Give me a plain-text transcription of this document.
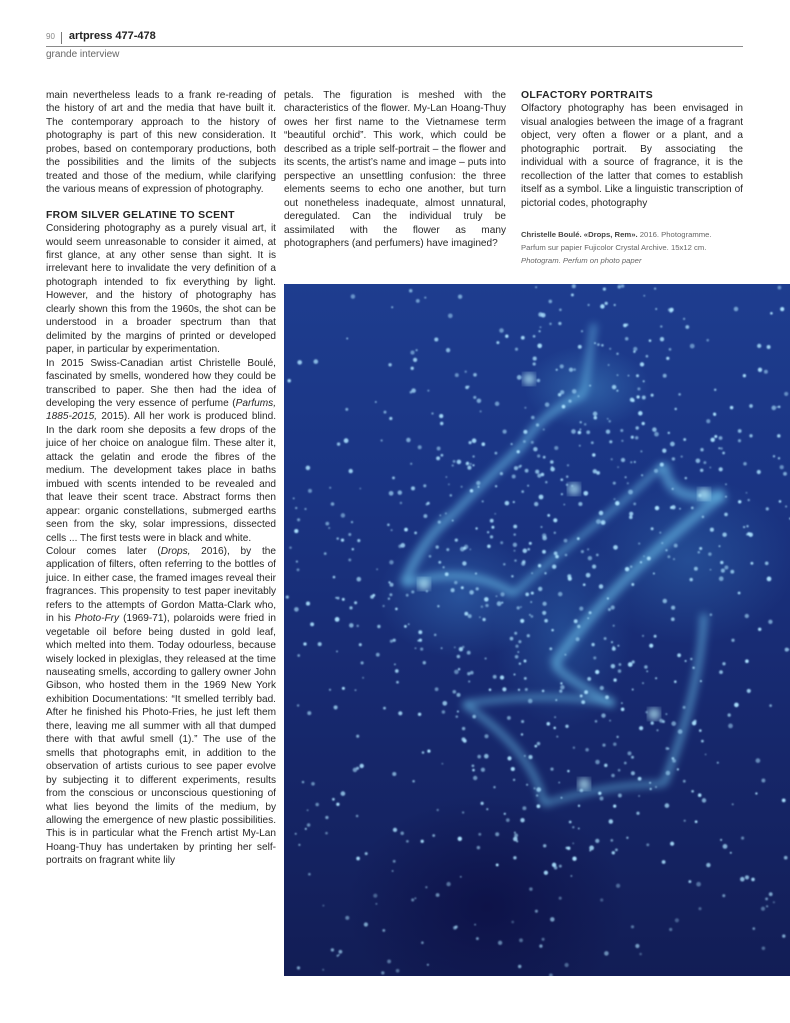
90 artpress 477-478
grande interview

main nevertheless leads to a frank re-reading of the history of art and the media that have built it. The contemporary approach to the history of photography is part of this new consideration. It probes, based on contemporary productions, both the possibilities and the limits of the subjects treated and those of the medium, while clarifying the various means of expression of photography.

FROM SILVER GELATINE TO SCENT

Considering photography as a purely visual art, it would seem unreasonable to consider it aimed, at first glance, at any other sense than sight. It is irrelevant here to invalidate the very definition of a photograph intended to fix everything by light. However, and the history of photography has clearly shown this from the 1960s, the shot can be understood in a broader spectrum than that delimited by the margins of printed or developed paper, in particular by experimentation.

In 2015 Swiss-Canadian artist Christelle Boulé, fascinated by smells, wondered how they could be transcribed to paper. She then had the idea of developing the very essence of perfume (Parfums, 1885-2015, 2015). All her work is produced blind. In the dark room she deposits a few drops of the juice of her choice on analogue film. These alter it, attack the gelatin and erode the fibres of the medium. The development takes place in baths imbued with scents intended to be revealed and that leave their scent trace. Abstract forms then appear: organic constellations, submerged earths seen from the sky, solar impressions, dissected cells ... The first tests were in black and white.

Colour comes later (Drops, 2016), by the application of filters, often referring to the bottles of juice. In either case, the framed images reveal their fragrances. This propensity to test paper inevitably refers to the attempts of Gordon Matta-Clark who, in his Photo-Fry (1969-71), polaroids were fried in vegetable oil before being dusted in gold leaf, which melted into them. Today odourless, because wisely locked in plexiglas, they released at the time nauseating smells, according to gallery owner John Gibson, who hosted them in the 1969 New York exhibition Documentations: “It smelled terribly bad. After he finished his Photo-Fries, he just left them there, leaving me all summer with all that dumped there with that awful smell (1).” The use of the smells that photographs emit, in addition to the observation of artists curious to see paper evolve by subjecting it to different experiments, results from the conscious or unconscious questioning of what lies beyond the limits of the medium, by allowing the emergence of new plastic possibilities. This is in particular what the French artist My-Lan Hoang-Thuy has undertaken by printing her self-portraits on fragrant white lily

petals. The figuration is meshed with the characteristics of the flower. My-Lan Hoang-Thuy owes her first name to the Vietnamese term “beautiful orchid”. This work, which could be described as a triple self-portrait – the flower and its scents, the artist’s name and image – puts into perspective an unsettling confusion: the three elements seems to echo one another, but turn out nonetheless inadequate, almost unnatural, deregulated. Can the individual truly be assimilated with the flower as many photographers (and perfumers) have imagined?

OLFACTORY PORTRAITS

Olfactory photography has been envisaged in visual analogies between the image of a fragrant object, very often a flower or a plant, and a photographic portrait. By associating the individual with a source of fragrance, it is the recollection of the latter that comes to establish itself as a symbol. Like a linguistic transcription of pictorial codes, photography

Christelle Boulé. «Drops, Rem». 2016. Photogramme.
Parfum sur papier Fujicolor Crystal Archive. 15x12 cm.
Photogram. Perfum on photo paper
